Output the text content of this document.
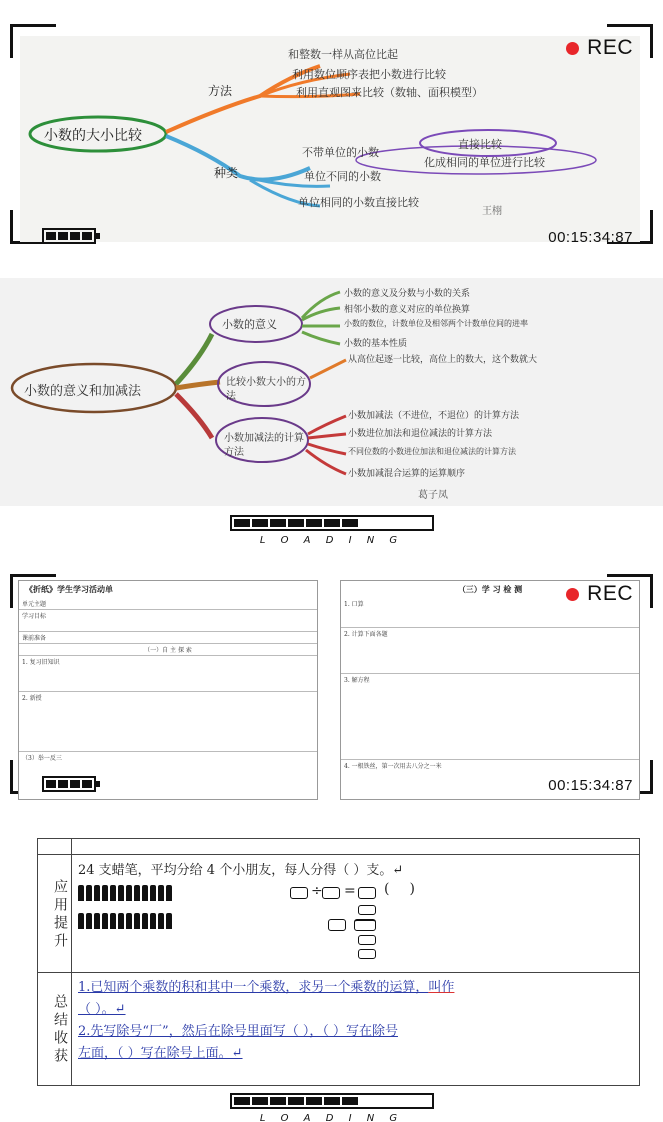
小数的大小比较
方法
种类
和整数一样从高位比起
利用数位顺序表把小数进行比较
利用直观图来比较（数轴、面积模型）
不带单位的小数
单位不同的小数
单位相同的小数直接比较
直接比较
化成相同的单位进行比较
王栩
REC
00:15:34:87
小数的意义和加减法
小数的意义
比较小数大小的方法
小数加减法的计算方法
小数的意义及分数与小数的关系
相邻小数的意义对应的单位换算
小数的数位，计数单位及相邻两个计数单位间的进率
小数的基本性质
从高位起逐一比较，高位上的数大，这个数就大
小数加减法（不进位，不退位）的计算方法
小数进位加法和退位减法的计算方法
不同位数的小数进位加法和退位减法的计算方法
小数加减混合运算的运算顺序
葛子凤
L O A D I N G
《折纸》学生学习活动单
单元主题
学习目标
课前准备
（一）自 主 探 索
1. 复习旧知识
2. 新授
（3）举一反三
（三）学 习 检 测
1. 口算
2. 计算下面各题
3. 解方程
4. 一根铁丝，第一次用去八分之一米
REC
00:15:34:87
应用提升
24 支蜡笔，平均分给 4 个小朋友，每人分得（ ）支。↵
÷ = ()
总结收获
1.已知两个乘数的积和其中一个乘数，求另一个乘数的运算，叫作
（ ）。↵
2.先写除号“厂”，然后在除号里面写（ ），（ ）写在除号
左面，（ ）写在除号上面。↵
L O A D I N G
